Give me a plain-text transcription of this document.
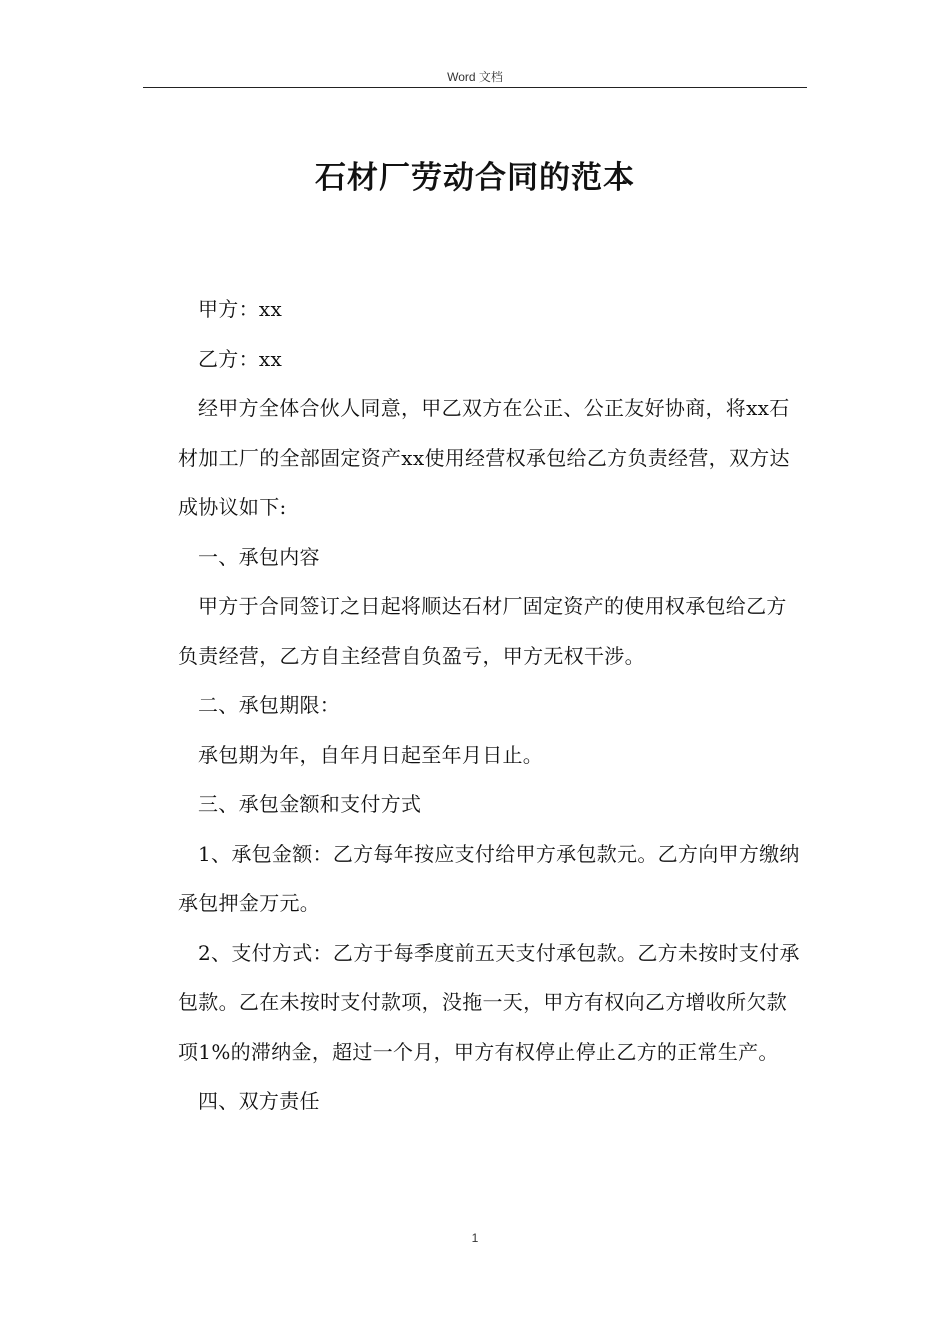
Word 文档
石材厂劳动合同的范本

甲方：xx

乙方：xx

经甲方全体合伙人同意，甲乙双方在公正、公正友好协商，将xx石材加工厂的全部固定资产xx使用经营权承包给乙方负责经营，双方达成协议如下:

一、承包内容

甲方于合同签订之日起将顺达石材厂固定资产的使用权承包给乙方负责经营，乙方自主经营自负盈亏，甲方无权干涉。

二、承包期限：

承包期为年，自年月日起至年月日止。

三、承包金额和支付方式

1、承包金额：乙方每年按应支付给甲方承包款元。乙方向甲方缴纳承包押金万元。

2、支付方式：乙方于每季度前五天支付承包款。乙方未按时支付承包款。乙在未按时支付款项，没拖一天，甲方有权向乙方增收所欠款项1%的滞纳金，超过一个月，甲方有权停止停止乙方的正常生产。

四、双方责任

1
